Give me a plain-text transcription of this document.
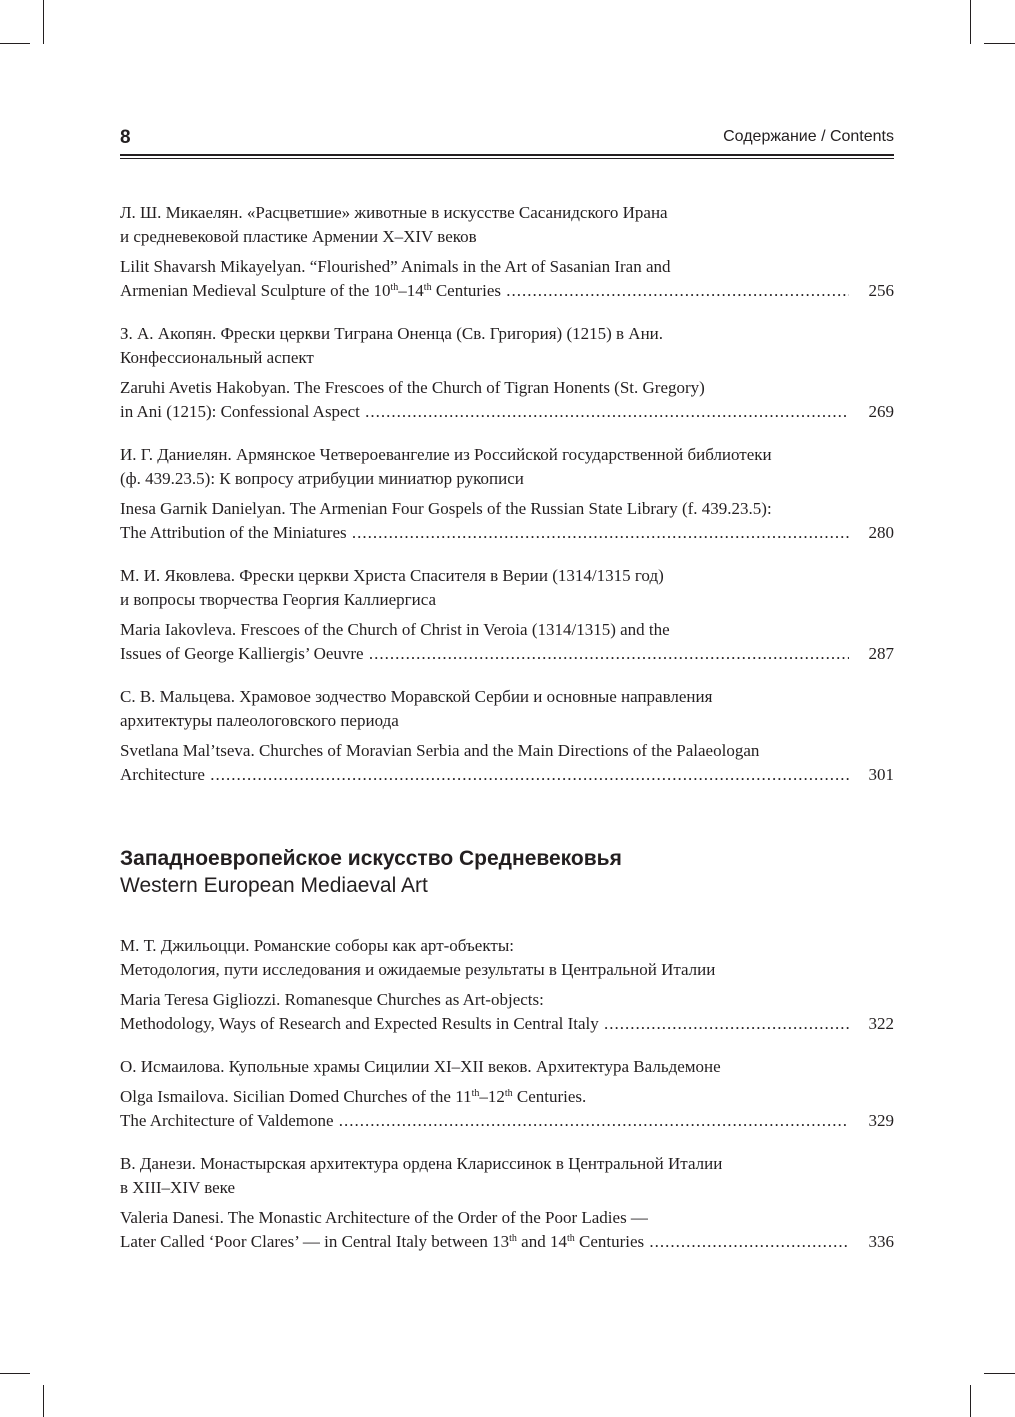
8	Содержание / Contents
Л. Ш. Микаелян. «Расцветшие» животные в искусстве Сасанидского Ирана
и средневековой пластике Армении X–XIV веков
Lilit Shavarsh Mikayelyan. “Flourished” Animals in the Art of Sasanian Iran and
Armenian Medieval Sculpture of the 10th–14th Centuries .....	256
З. А. Акопян. Фрески церкви Тиграна Оненца (Св. Григория) (1215) в Ани.
Конфессиональный аспект
Zaruhi Avetis Hakobyan. The Frescoes of the Church of Tigran Honents (St. Gregory)
in Ani (1215): Confessional Aspect .....	269
И. Г. Даниелян. Армянское Четвероевангелие из Российской государственной библиотеки
(ф. 439.23.5): К вопросу атрибуции миниатюр рукописи
Inesa Garnik Danielyan. The Armenian Four Gospels of the Russian State Library (f. 439.23.5):
The Attribution of the Miniatures .....	280
М. И. Яковлева. Фрески церкви Христа Спасителя в Верии (1314/1315 год)
и вопросы творчества Георгия Каллиергиса
Maria Iakovleva. Frescoes of the Church of Christ in Veroia (1314/1315) and the
Issues of George Kalliergis’ Oeuvre .....	287
С. В. Мальцева. Храмовое зодчество Моравской Сербии и основные направления
архитектуры палеологовского периода
Svetlana Mal’tseva. Churches of Moravian Serbia and the Main Directions of the Palaeologan
Architecture .....	301
Западноевропейское искусство Средневековья
Western European Mediaeval Art
М. Т. Джильоцци. Романские соборы как арт-объекты:
Методология, пути исследования и ожидаемые результаты в Центральной Италии
Maria Teresa Gigliozzi. Romanesque Churches as Art-objects:
Methodology, Ways of Research and Expected Results in Central Italy .....	322
О. Исмаилова. Купольные храмы Сицилии XI–XII веков. Архитектура Вальдемоне
Olga Ismailova. Sicilian Domed Churches of the 11th–12th Centuries.
The Architecture of Valdemone .....	329
В. Данези. Монастырская архитектура ордена Клариссинок в Центральной Италии
в XIII–XIV веке
Valeria Danesi. The Monastic Architecture of the Order of the Poor Ladies —
Later Called ‘Poor Clares’ — in Central Italy between 13th and 14th Centuries .....	336
